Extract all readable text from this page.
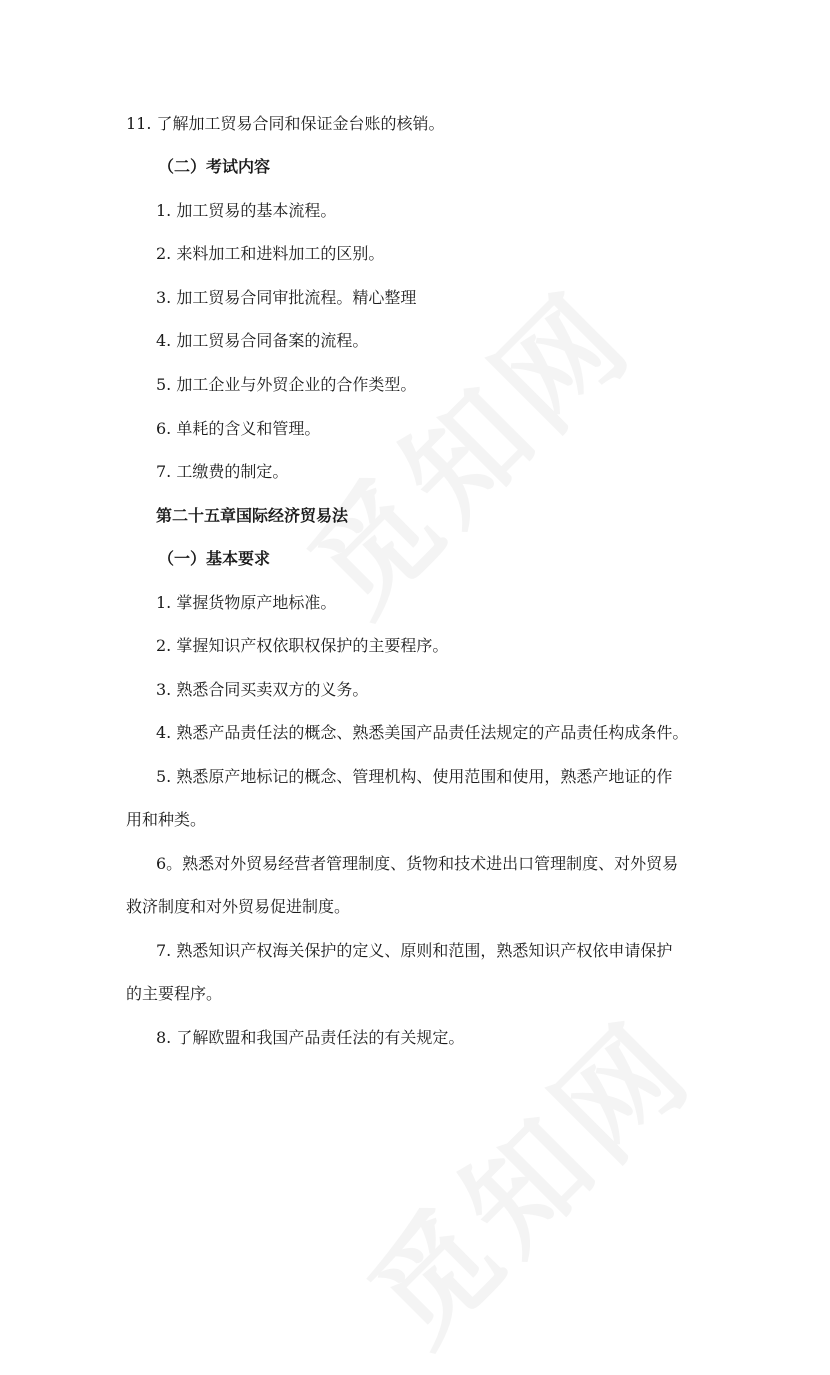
11. 了解加工贸易合同和保证金台账的核销。
（二）考试内容
1. 加工贸易的基本流程。
2. 来料加工和进料加工的区别。
3. 加工贸易合同审批流程。精心整理
4. 加工贸易合同备案的流程。
5. 加工企业与外贸企业的合作类型。
6. 单耗的含义和管理。
7. 工缴费的制定。
第二十五章国际经济贸易法
（一）基本要求
1. 掌握货物原产地标准。
2. 掌握知识产权依职权保护的主要程序。
3. 熟悉合同买卖双方的义务。
4. 熟悉产品责任法的概念、熟悉美国产品责任法规定的产品责任构成条件。
5. 熟悉原产地标记的概念、管理机构、使用范围和使用，熟悉产地证的作
用和种类。
6。熟悉对外贸易经营者管理制度、货物和技术进出口管理制度、对外贸易
救济制度和对外贸易促进制度。
7. 熟悉知识产权海关保护的定义、原则和范围，熟悉知识产权依申请保护
的主要程序。
8. 了解欧盟和我国产品责任法的有关规定。
